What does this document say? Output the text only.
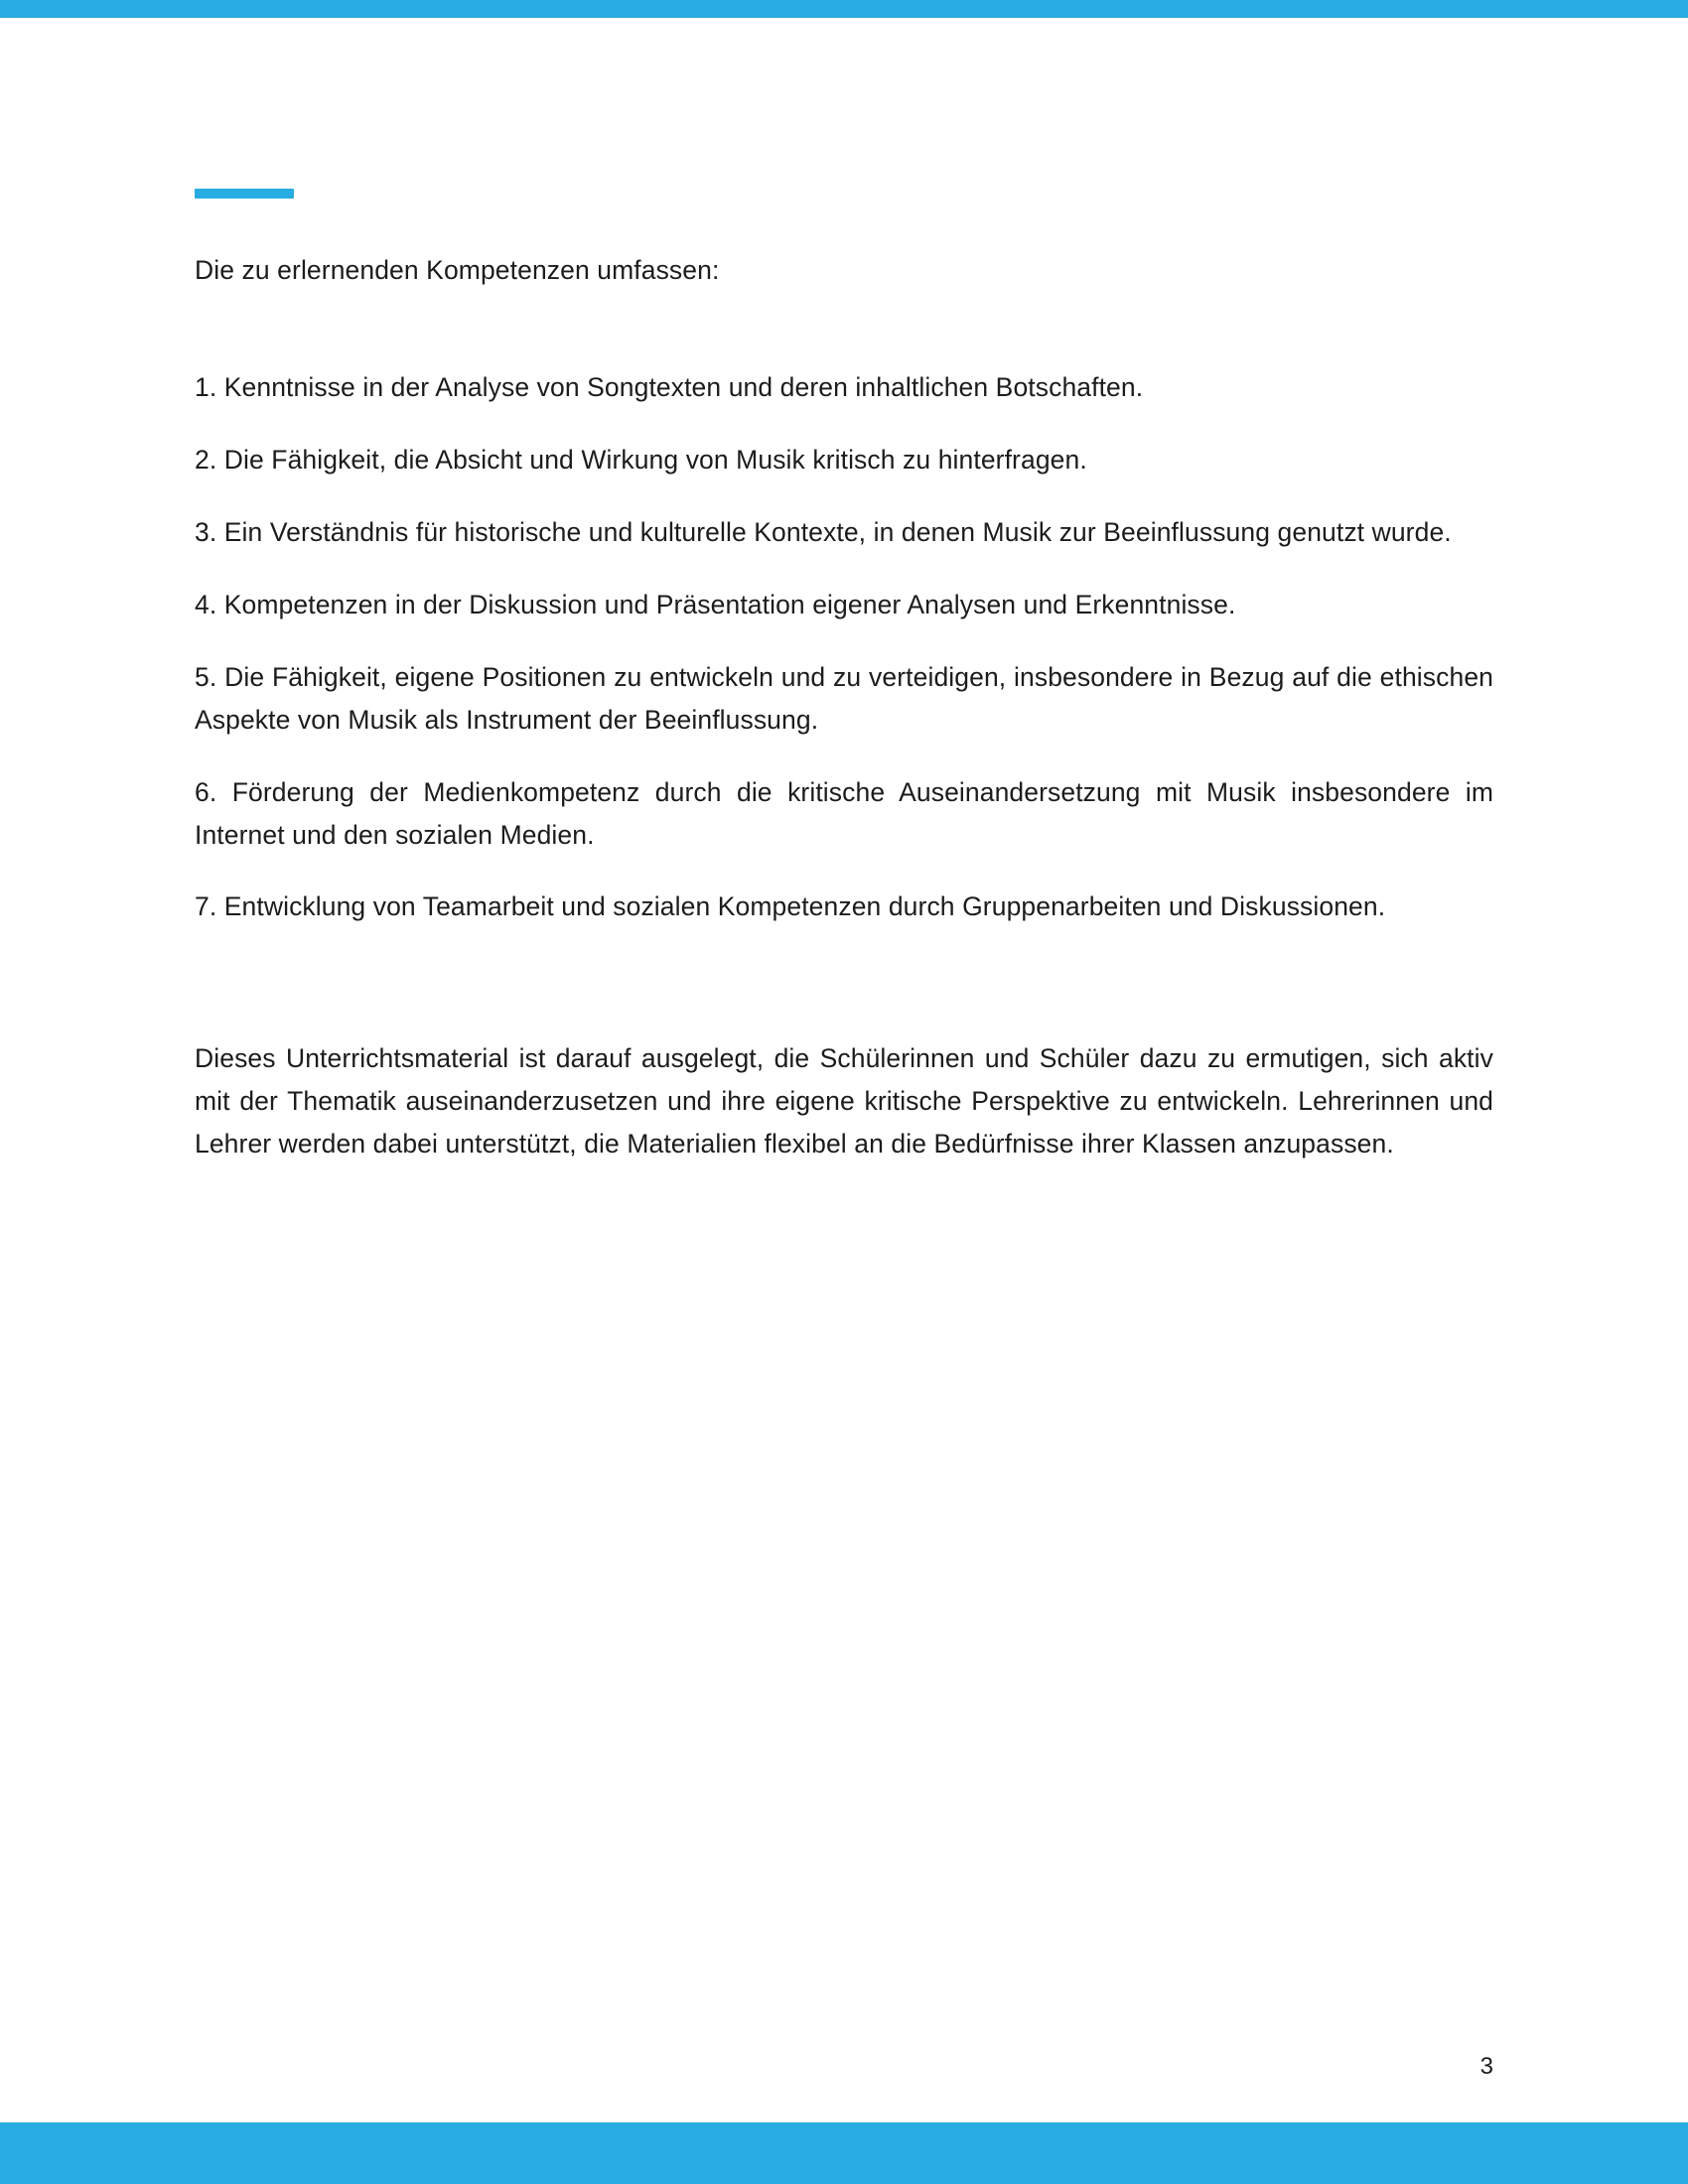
Die zu erlernenden Kompetenzen umfassen:

1. Kenntnisse in der Analyse von Songtexten und deren inhaltlichen Botschaften.

2. Die Fähigkeit, die Absicht und Wirkung von Musik kritisch zu hinterfragen.

3. Ein Verständnis für historische und kulturelle Kontexte, in denen Musik zur Beeinflussung genutzt wurde.

4. Kompetenzen in der Diskussion und Präsentation eigener Analysen und Erkenntnisse.

5. Die Fähigkeit, eigene Positionen zu entwickeln und zu verteidigen, insbesondere in Bezug auf die ethischen Aspekte von Musik als Instrument der Beeinflussung.

6. Förderung der Medienkompetenz durch die kritische Auseinandersetzung mit Musik insbesondere im Internet und den sozialen Medien.

7. Entwicklung von Teamarbeit und sozialen Kompetenzen durch Gruppenarbeiten und Diskussionen.

Dieses Unterrichtsmaterial ist darauf ausgelegt, die Schülerinnen und Schüler dazu zu ermutigen, sich aktiv mit der Thematik auseinanderzusetzen und ihre eigene kritische Perspektive zu entwickeln. Lehrerinnen und Lehrer werden dabei unterstützt, die Materialien flexibel an die Bedürfnisse ihrer Klassen anzupassen.

3
